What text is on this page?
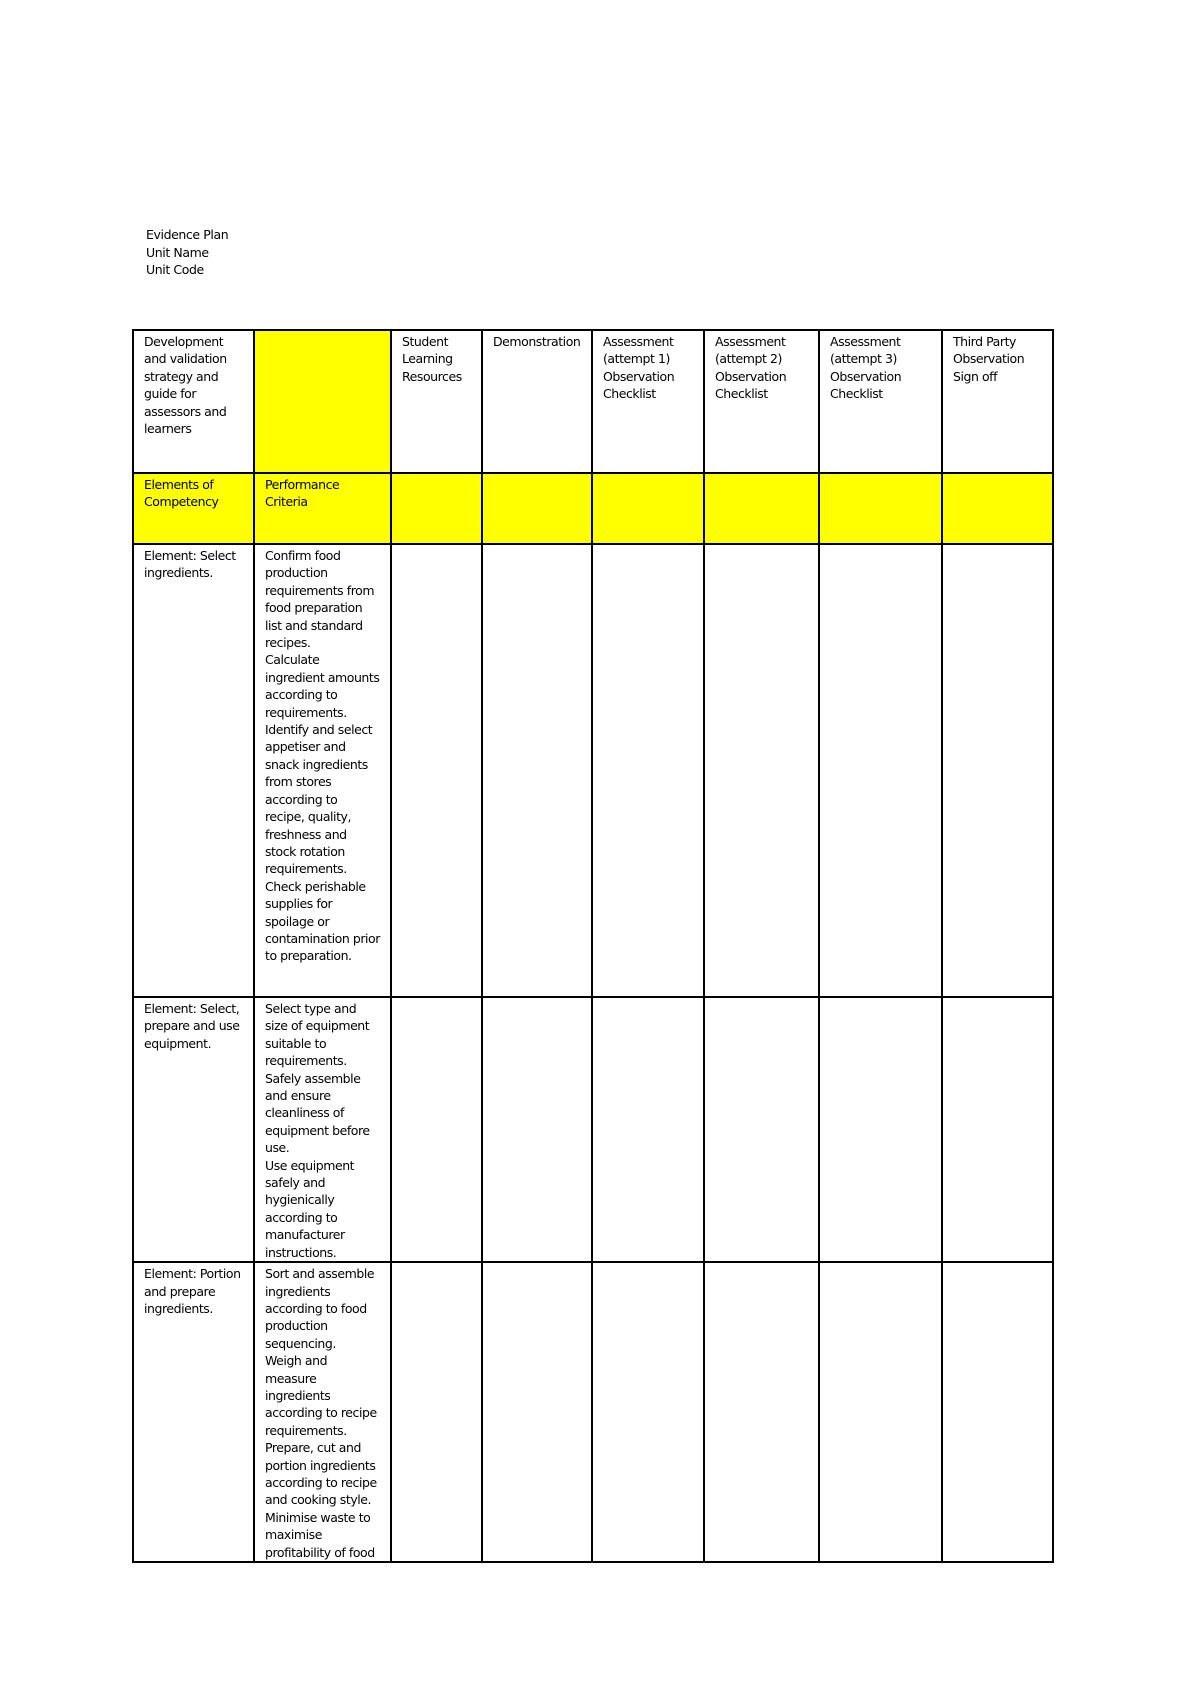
Evidence Plan
Unit Name
Unit Code
Development and validation strategy and guide for assessors and learners		Student Learning Resources	Demonstration	Assessment (attempt 1) Observation Checklist	Assessment (attempt 2) Observation Checklist	Assessment (attempt 3) Observation Checklist	Third Party Observation Sign off
Elements of Competency	Performance Criteria						
Element: Select ingredients.	Confirm food production requirements from food preparation list and standard recipes.
Calculate ingredient amounts according to requirements.
Identify and select appetiser and snack ingredients from stores according to recipe, quality, freshness and stock rotation requirements.
Check perishable supplies for spoilage or contamination prior to preparation.						

Element: Select, prepare and use equipment.	Select type and size of equipment suitable to requirements.
Safely assemble and ensure cleanliness of equipment before use.
Use equipment safely and hygienically according to manufacturer instructions.						

Element: Portion and prepare ingredients.	Sort and assemble ingredients according to food production sequencing.
Weigh and measure ingredients according to recipe requirements.
Prepare, cut and portion ingredients according to recipe and cooking style.
Minimise waste to maximise profitability of food						
